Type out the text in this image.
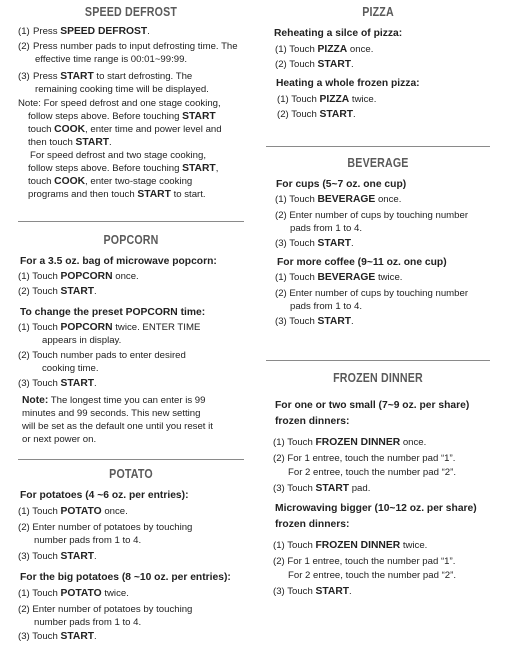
SPEED DEFROST
(1) Press SPEED DEFROST.
(2) Press number pads to input defrosting time. The
effective time range is 00:01~99:99.
(3) Press START to start defrosting. The
remaining cooking time will be displayed.
Note: For speed defrost and one stage cooking,
follow steps above. Before touching START
touch COOK, enter time and power level and
then touch START.
For speed defrost and two stage cooking,
follow steps above. Before touching START,
touch COOK, enter two-stage cooking
programs and then touch START to start.
POPCORN
For a 3.5 oz. bag of microwave popcorn:
(1) Touch POPCORN once.
(2) Touch START.
To change the preset POPCORN time:
(1) Touch POPCORN twice. ENTER TIME
appears in display.
(2) Touch number pads to enter desired
cooking time.
(3) Touch START.
Note: The longest time you can enter is 99
minutes and 99 seconds. This new setting
will be set as the default one until you reset it
or next power on.
POTATO
For potatoes (4 ~6 oz. per entries):
(1) Touch POTATO once.
(2) Enter number of potatoes by touching
number pads from 1 to 4.
(3) Touch START.
For the big potatoes (8 ~10 oz. per entries):
(1) Touch POTATO twice.
(2) Enter number of potatoes by touching
number pads from 1 to 4.
(3) Touch START.
PIZZA
Reheating a silce of pizza:
(1) Touch PIZZA once.
(2) Touch START.
Heating a whole frozen pizza:
(1) Touch PIZZA twice.
(2) Touch START.
BEVERAGE
For cups (5~7 oz. one cup)
(1) Touch BEVERAGE once.
(2) Enter number of cups by touching number
pads from 1 to 4.
(3) Touch START.
For more coffee (9~11 oz. one cup)
(1) Touch BEVERAGE twice.
(2) Enter number of cups by touching number
pads from 1 to 4.
(3) Touch START.
FROZEN DINNER
For one or two small (7~9 oz. per share)
frozen dinners:
(1) Touch FROZEN DINNER once.
(2) For 1 entree, touch the number pad “1”.
For 2 entree, touch the number pad “2”.
(3) Touch START pad.
Microwaving bigger (10~12 oz. per share)
frozen dinners:
(1) Touch FROZEN DINNER twice.
(2) For 1 entree, touch the number pad “1”.
For 2 entree, touch the number pad “2”.
(3) Touch START.
